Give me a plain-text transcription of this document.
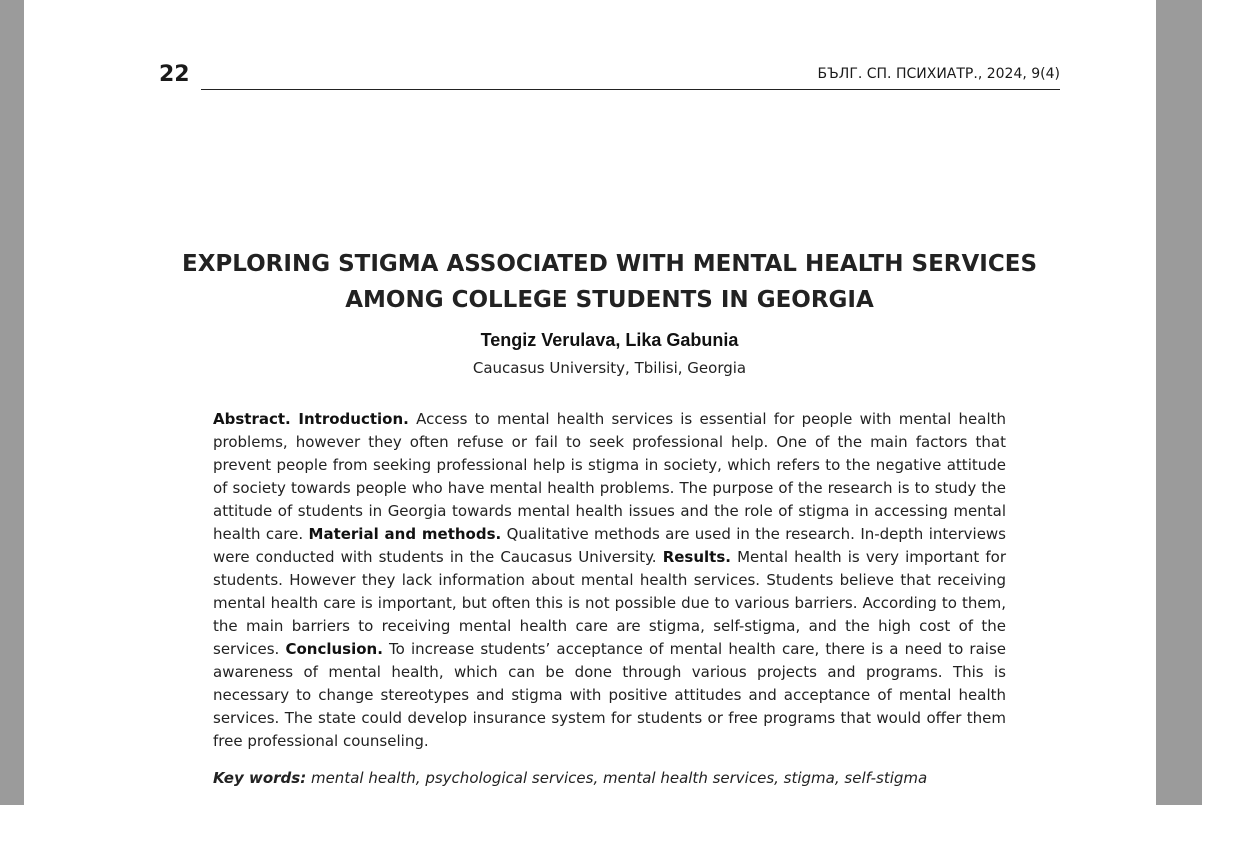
22	БЪЛГ. СП. ПСИХИАТР., 2024, 9(4)
EXPLORING STIGMA ASSOCIATED WITH MENTAL HEALTH SERVICES
AMONG COLLEGE STUDENTS IN GEORGIA
Tengiz Verulava, Lika Gabunia
Caucasus University, Tbilisi, Georgia

Abstract. Introduction. Access to mental health services is essential for people with mental health problems, however they often refuse or fail to seek professional help. One of the main factors that prevent people from seeking professional help is stigma in society, which refers to the negative attitude of society towards people who have mental health problems. The purpose of the research is to study the attitude of students in Georgia towards mental health issues and the role of stigma in accessing mental health care. Material and methods. Qualitative methods are used in the research. In-depth interviews were conducted with students in the Caucasus University. Results. Mental health is very important for students. However they lack information about mental health services. Students believe that receiving mental health care is important, but often this is not possible due to various barriers. According to them, the main barriers to receiving mental health care are stigma, self-stigma, and the high cost of the services. Conclusion. To increase students’ acceptance of mental health care, there is a need to raise awareness of mental health, which can be done through various projects and programs. This is necessary to change stereotypes and stigma with positive attitudes and acceptance of mental health services. The state could develop insurance system for students or free programs that would offer them free professional counseling.

Key words: mental health, psychological services, mental health services, stigma, self-stigma
